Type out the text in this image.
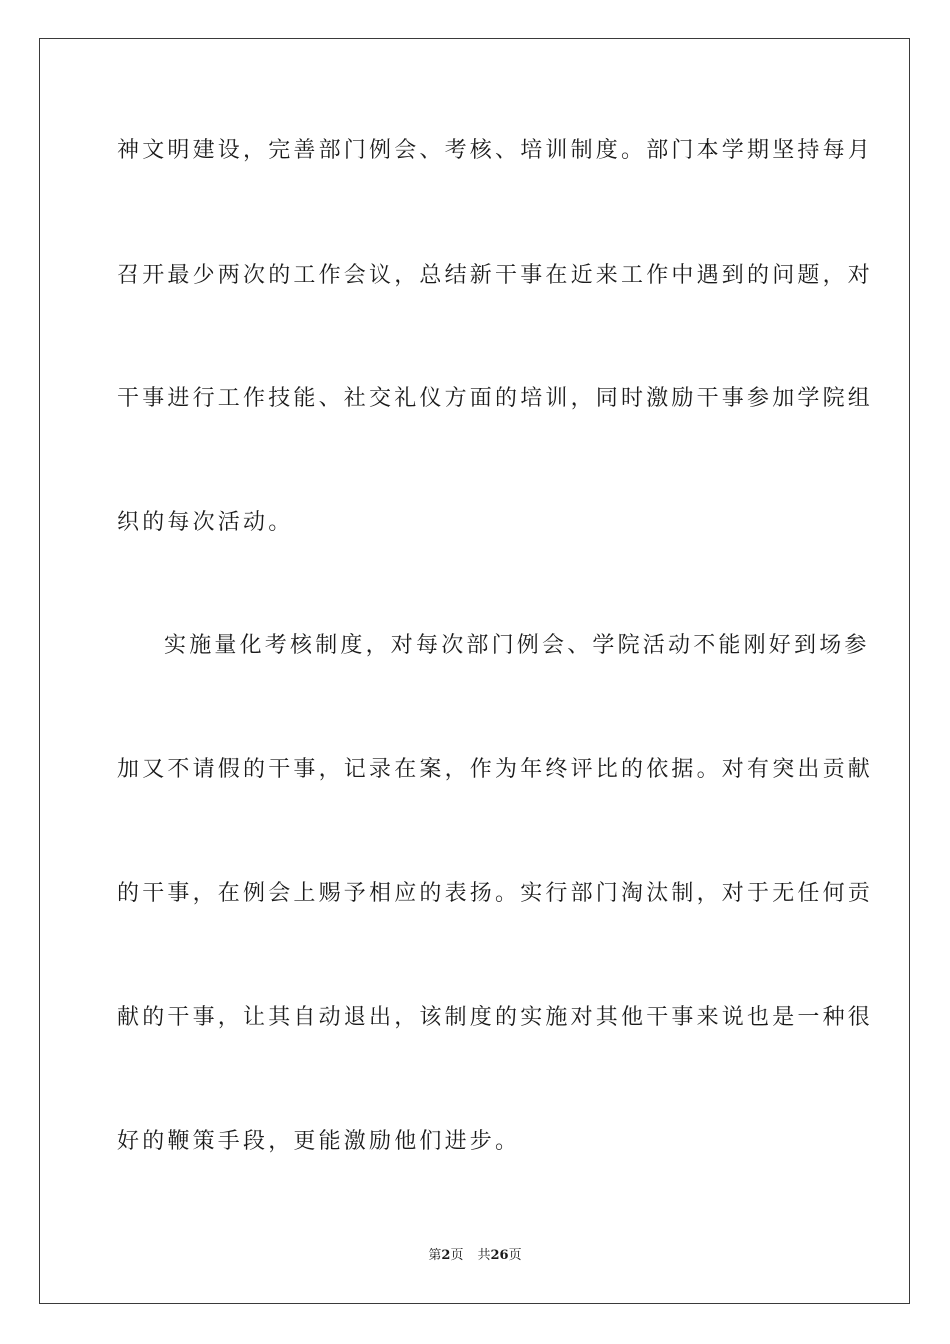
神文明建设，完善部门例会、考核、培训制度。部门本学期坚持每月
召开最少两次的工作会议，总结新干事在近来工作中遇到的问题，对
干事进行工作技能、社交礼仪方面的培训，同时激励干事参加学院组
织的每次活动。
实施量化考核制度，对每次部门例会、学院活动不能刚好到场参
加又不请假的干事，记录在案，作为年终评比的依据。对有突出贡献
的干事，在例会上赐予相应的表扬。实行部门淘汰制，对于无任何贡
献的干事，让其自动退出，该制度的实施对其他干事来说也是一种很
好的鞭策手段，更能激励他们进步。
第2页 共26页
